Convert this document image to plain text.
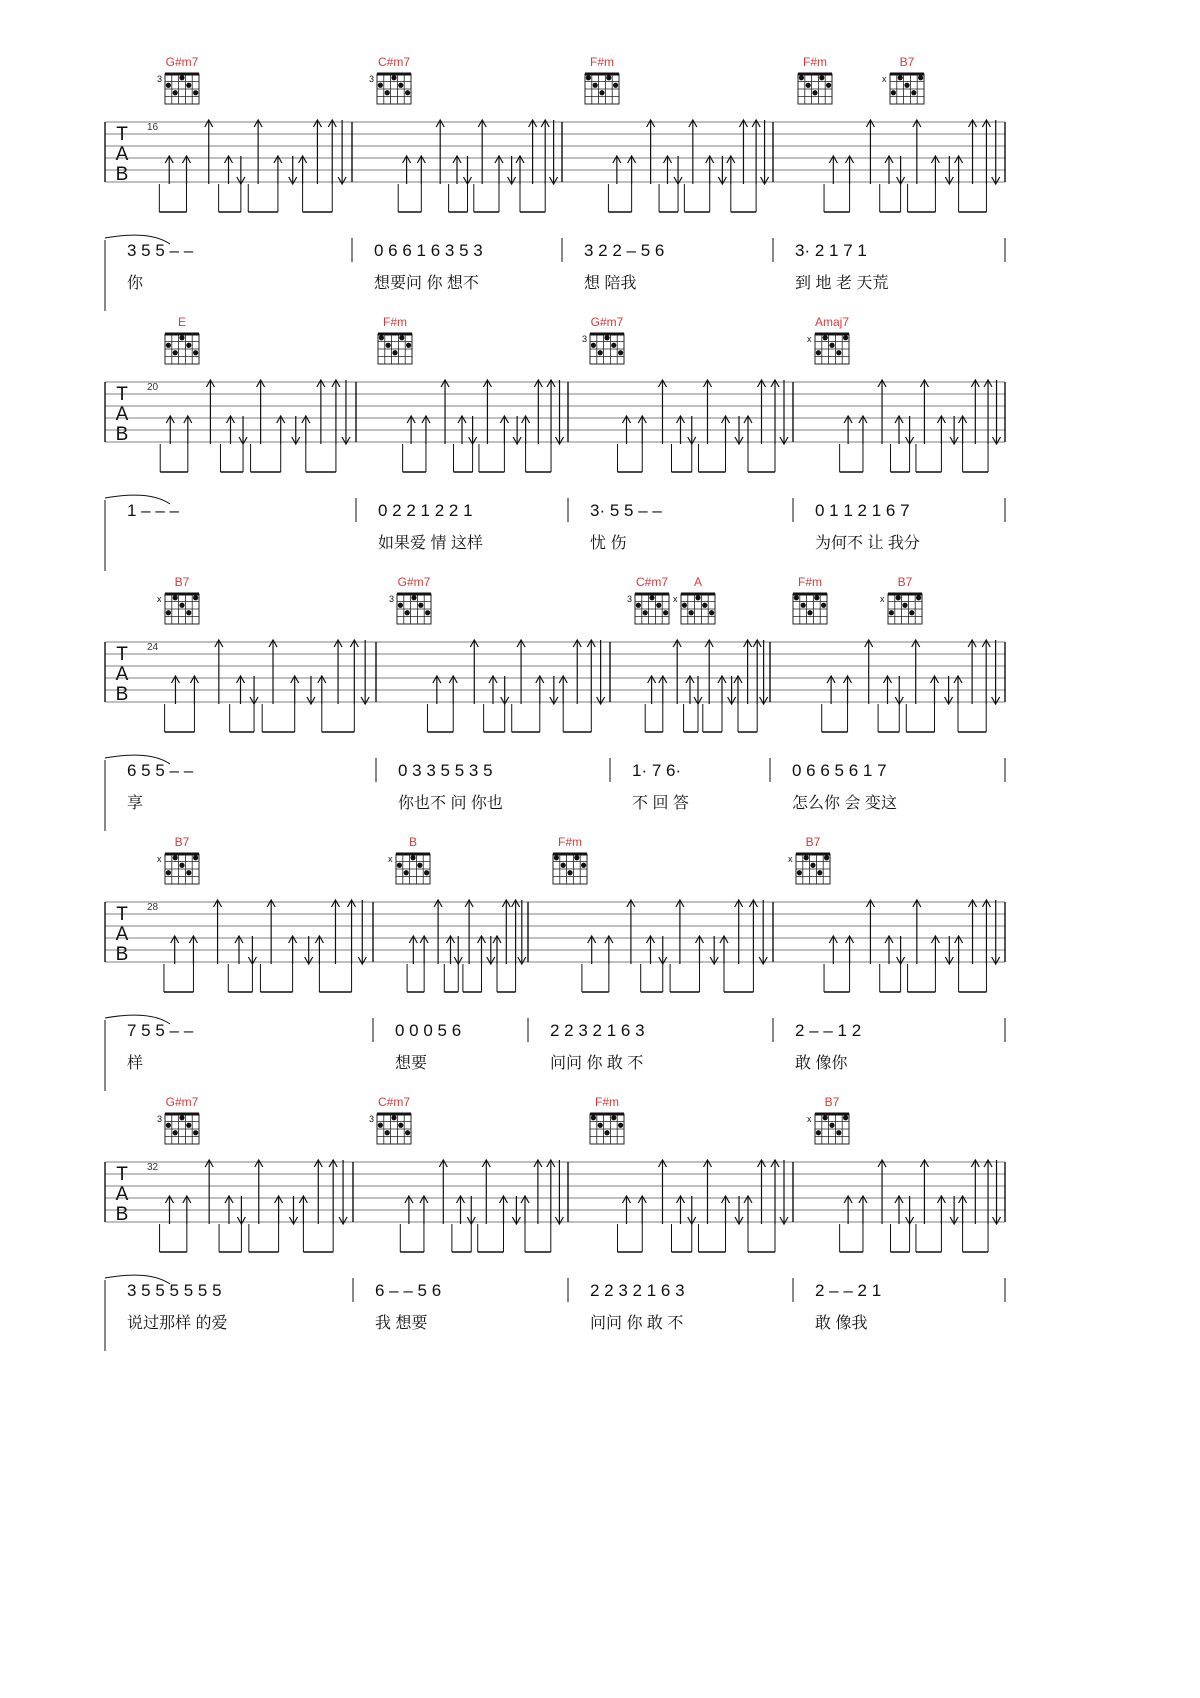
G#m7
3
C#m7
3
F#m	F#m	B7
x
T
A
B
16
3 5 5 – –	0 6 6 1 6 3 5 3	3 2 2 – 5 6	3· 2 1 7 1
你	想要问 你 想不	想 陪我	到 地 老 天荒
E	F#m	G#m7
3
Amaj7
x
T
A
B
20
1 – – –	0 2 2 1 2 2 1	3· 5 5 – –	0 1 1 2 1 6 7
如果爱 情 这样	忧 伤	为何不 让 我分
B7
x
G#m7
3
C#m7
3
A
x
F#m	B7
x
T
A
B
24
6 5 5 – –	0 3 3 5 5 3 5	1· 7 6·	0 6 6 5 6 1 7
享	你也不 问 你也	不 回 答	怎么你 会 变这
B7
x
B
x
F#m	B7
x
T
A
B
28
7 5 5 – –	0 0 0 5 6	2 2 3 2 1 6 3	2 – – 1 2
样	想要	问问 你 敢 不	敢 像你
G#m7
3
C#m7
3
F#m	B7
x
T
A
B
32
3 5 5 5 5 5 5	6 – – 5 6	2 2 3 2 1 6 3	2 – – 2 1
说过那样 的爱	我 想要	问问 你 敢 不	敢 像我
